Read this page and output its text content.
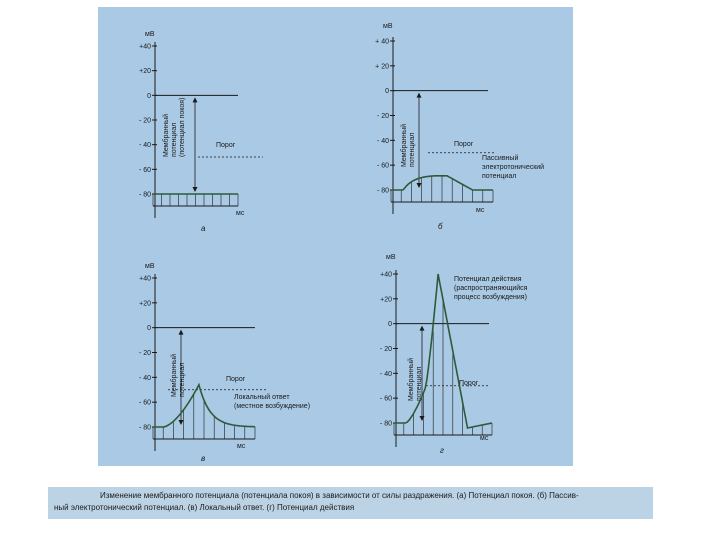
мВ
+40
+20
0
- 20
- 40
- 60
- 80
Порог
Мембранныйпотенциал(потенциал покоя)
мс
а
мВ
+ 40
+ 20
0
- 20
- 40
- 60
- 80
Порог
Мембранныйпотенциал
мс
Пассивный электротонический потенциал
б
мВ
+40
+20
0
- 20
- 40
- 60
- 80
Порог
Мембранныйпотенциал
мс
Локальный ответ (местное возбуждение)
в
мВ
+40
+20
0
- 20
- 40
- 60
- 80
Порог
Мембранныйпотенциал
мс
Потенциал действия (распространяющийся процесс возбуждения)
г
Изменение мембранного потенциала (потенциала покоя) в зависимости от силы раздражения. (а) Потенциал покоя. (б) Пассив-
ный электротонический потенциал. (в) Локальный ответ. (г) Потенциал действия
